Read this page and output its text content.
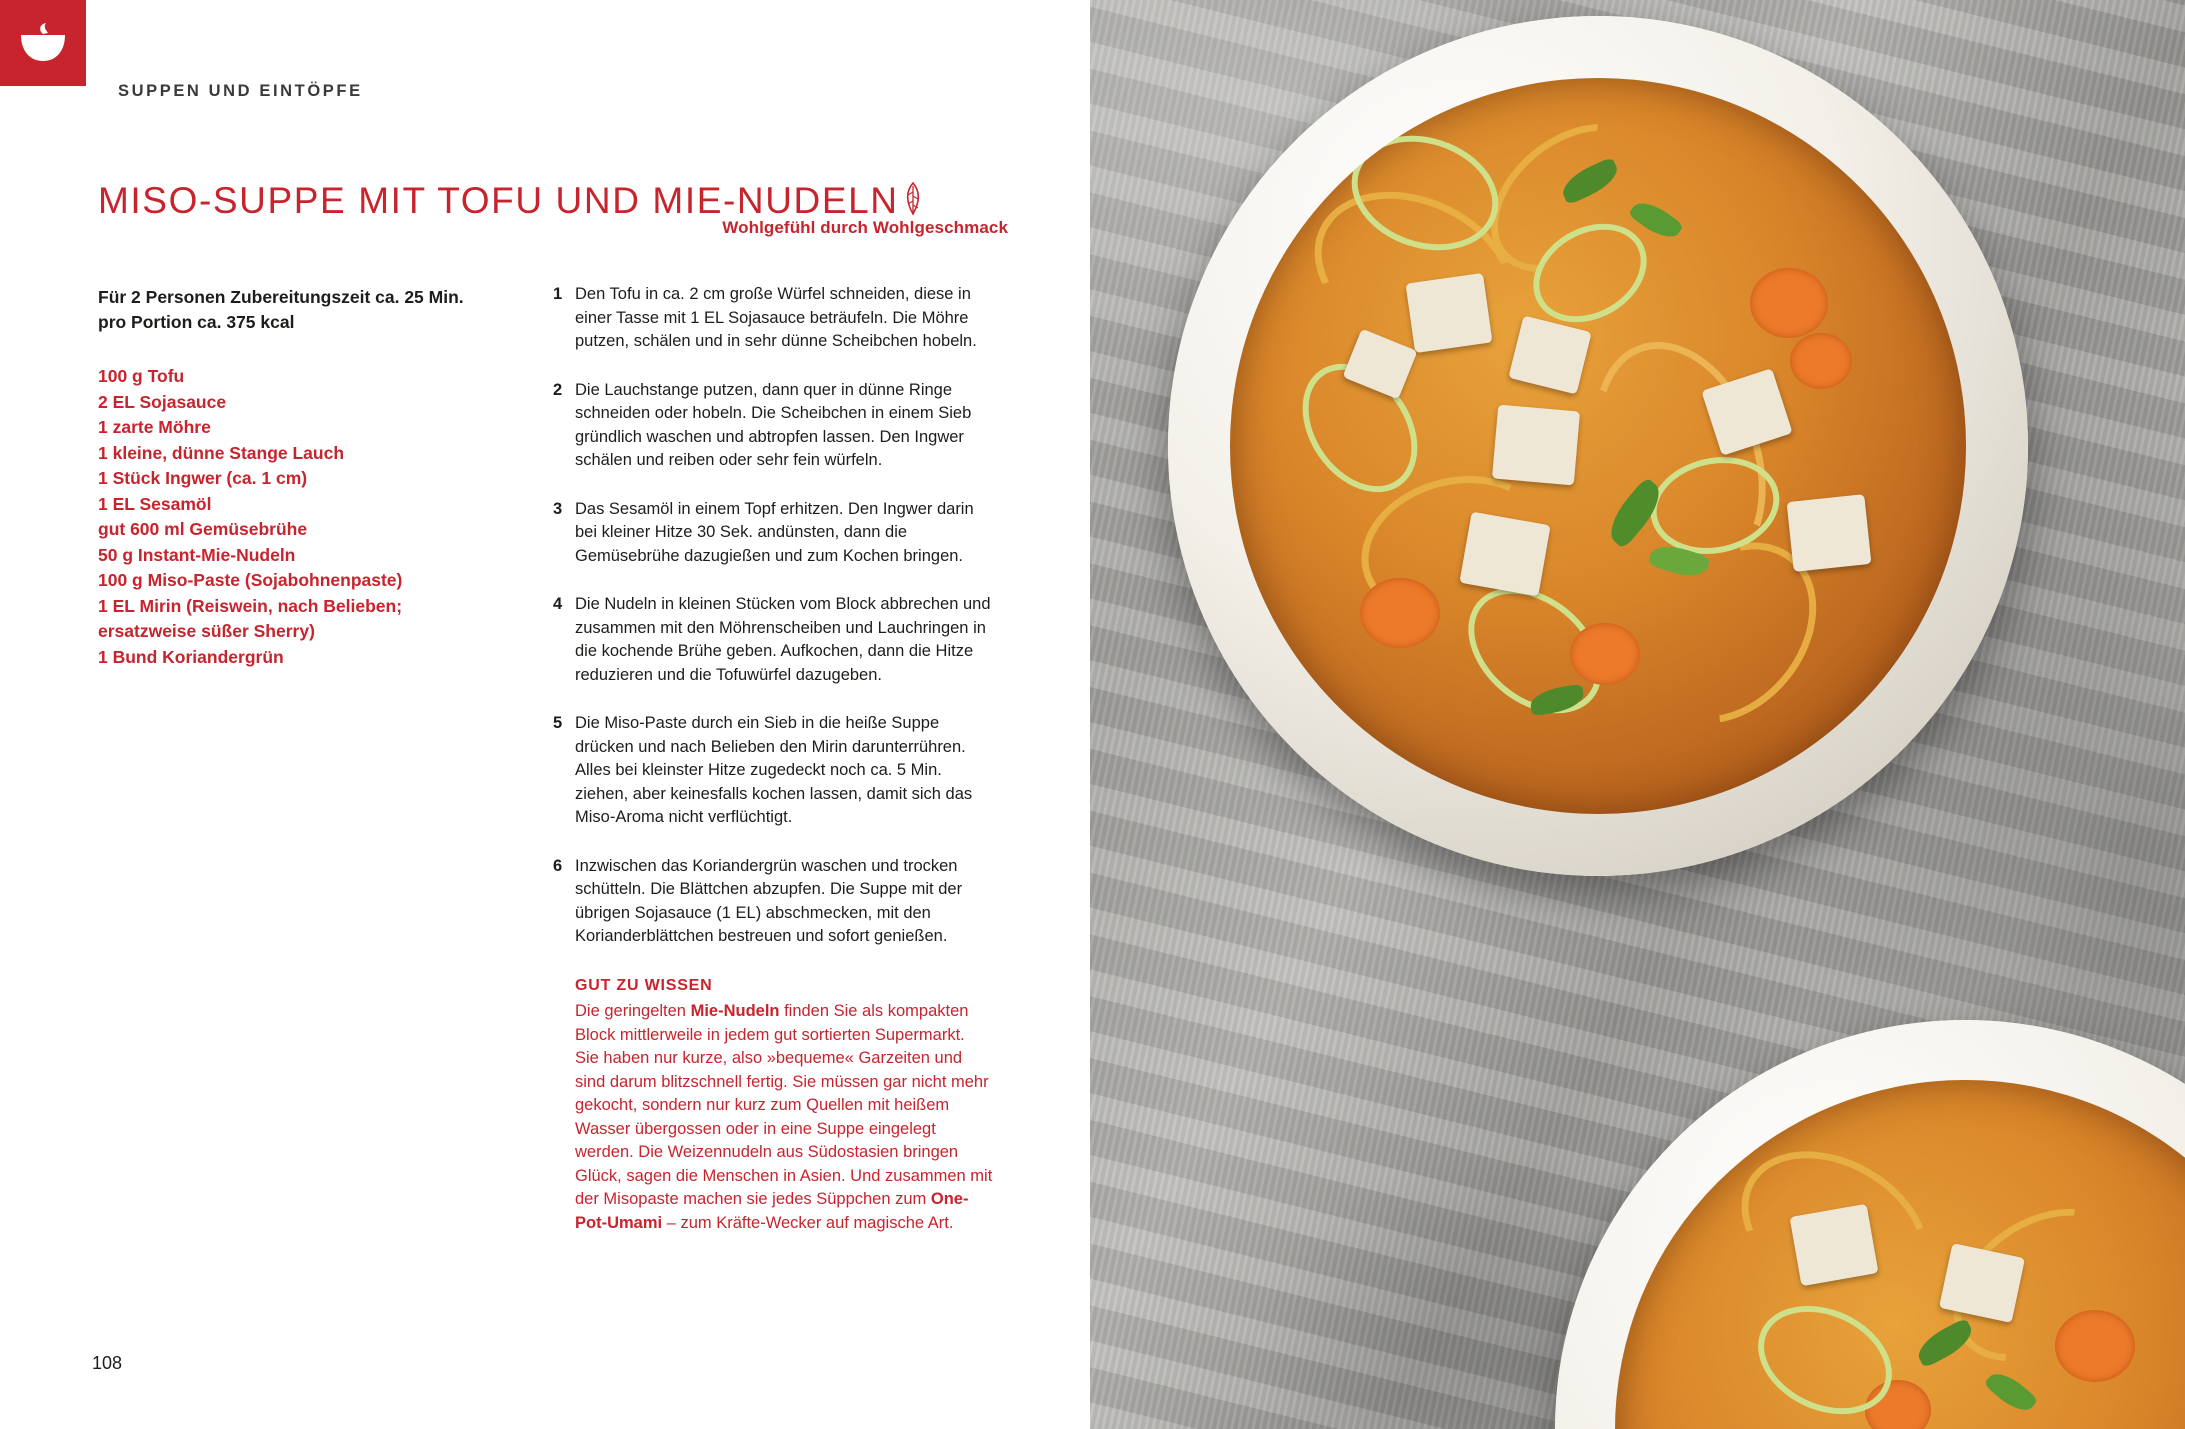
SUPPEN UND EINTÖPFE
MISO-SUPPE MIT TOFU UND MIE-NUDELN
Wohlgefühl durch Wohlgeschmack
Für 2 Personen Zubereitungszeit ca. 25 Min. pro Portion ca. 375 kcal
100 g Tofu
2 EL Sojasauce
1 zarte Möhre
1 kleine, dünne Stange Lauch
1 Stück Ingwer (ca. 1 cm)
1 EL Sesamöl
gut 600 ml Gemüsebrühe
50 g Instant-Mie-Nudeln
100 g Miso-Paste (Sojabohnenpaste)
1 EL Mirin (Reiswein, nach Belieben;
ersatzweise süßer Sherry)
1 Bund Koriandergrün
1 Den Tofu in ca. 2 cm große Würfel schneiden, diese in einer Tasse mit 1 EL Sojasauce beträufeln. Die Möhre putzen, schälen und in sehr dünne Scheibchen hobeln.
2 Die Lauchstange putzen, dann quer in dünne Ringe schneiden oder hobeln. Die Scheibchen in einem Sieb gründlich waschen und abtropfen lassen. Den Ingwer schälen und reiben oder sehr fein würfeln.
3 Das Sesamöl in einem Topf erhitzen. Den Ingwer darin bei kleiner Hitze 30 Sek. andünsten, dann die Gemüsebrühe dazugießen und zum Kochen bringen.
4 Die Nudeln in kleinen Stücken vom Block abbrechen und zusammen mit den Möhrenscheiben und Lauchringen in die kochende Brühe geben. Aufkochen, dann die Hitze reduzieren und die Tofuwürfel dazugeben.
5 Die Miso-Paste durch ein Sieb in die heiße Suppe drücken und nach Belieben den Mirin darunterrühren. Alles bei kleinster Hitze zugedeckt noch ca. 5 Min. ziehen, aber keinesfalls kochen lassen, damit sich das Miso-Aroma nicht verflüchtigt.
6 Inzwischen das Koriandergrün waschen und trocken schütteln. Die Blättchen abzupfen. Die Suppe mit der übrigen Sojasauce (1 EL) abschmecken, mit den Korianderblättchen bestreuen und sofort genießen.
GUT ZU WISSEN
Die geringelten Mie-Nudeln finden Sie als kompakten Block mittlerweile in jedem gut sortierten Supermarkt. Sie haben nur kurze, also »bequeme« Garzeiten und sind darum blitzschnell fertig. Sie müssen gar nicht mehr gekocht, sondern nur kurz zum Quellen mit heißem Wasser übergossen oder in eine Suppe eingelegt werden. Die Weizennudeln aus Südostasien bringen Glück, sagen die Menschen in Asien. Und zusammen mit der Misopaste machen sie jedes Süppchen zum One-Pot-Umami – zum Kräfte-Wecker auf magische Art.
108
